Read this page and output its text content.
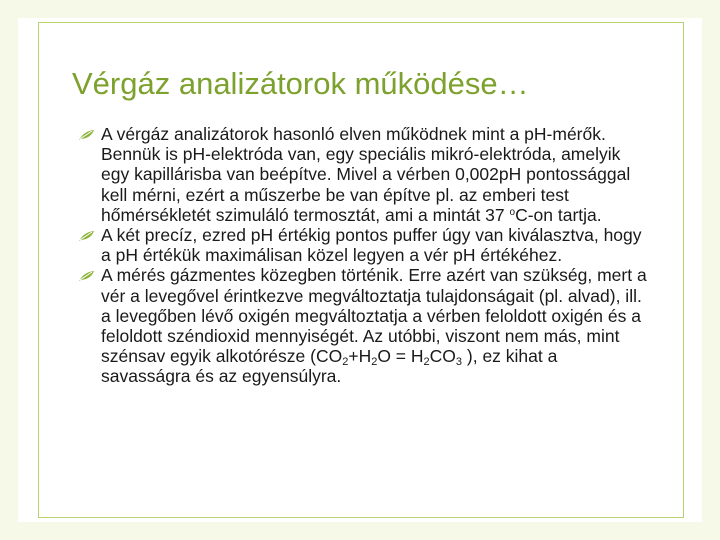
Vérgáz analizátorok működése…

A vérgáz analizátorok hasonló elven működnek mint a pH-mérők. Bennük is pH-elektróda van, egy speciális mikró-elektróda, amelyik egy kapillárisba van beépítve. Mivel a vérben 0,002pH pontossággal kell mérni, ezért a műszerbe be van építve pl. az emberi test hőmérsékletét szimuláló termosztát, ami a mintát 37 $^o$C-on tartja.

A két precíz, ezred pH értékig pontos puffer úgy van kiválasztva, hogy a pH értékük maximálisan közel legyen a vér pH értékéhez.

A mérés gázmentes közegben történik. Erre azért van szükség, mert a vér a levegővel érintkezve megváltoztatja tulajdonságait (pl. alvad), ill. a levegőben lévő oxigén megváltoztatja a vérben feloldott oxigén és a feloldott széndioxid mennyiségét. Az utóbbi, viszont nem más, mint szénsav egyik alkotórésze ($CO_2+H_2O = H_2CO_3$ ), ez kihat a savasságra és az egyensúlyra.
